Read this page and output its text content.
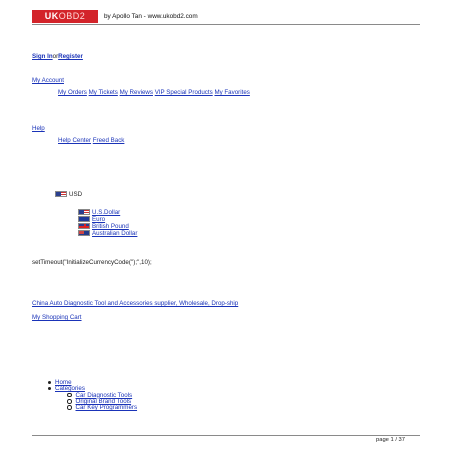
UKOBD2	by Apollo Tan - www.ukobd2.com
Sign InorRegister
My Account
My Orders My Tickets My Reviews VIP Special Products My Favorites
Help
Help Center Freed Back
USD
U.S.Dollar
Euro
British Pound
Australian Dollar
setTimeout("InitializeCurrencyCode('');",10);
China Auto Diagnostic Tool and Accessories supplier, Wholesale, Drop-ship
My Shopping Cart
Home
Categories
Car Diagnostic Tools
Original Brand Tools
Car Key Programmers
page 1 / 37
